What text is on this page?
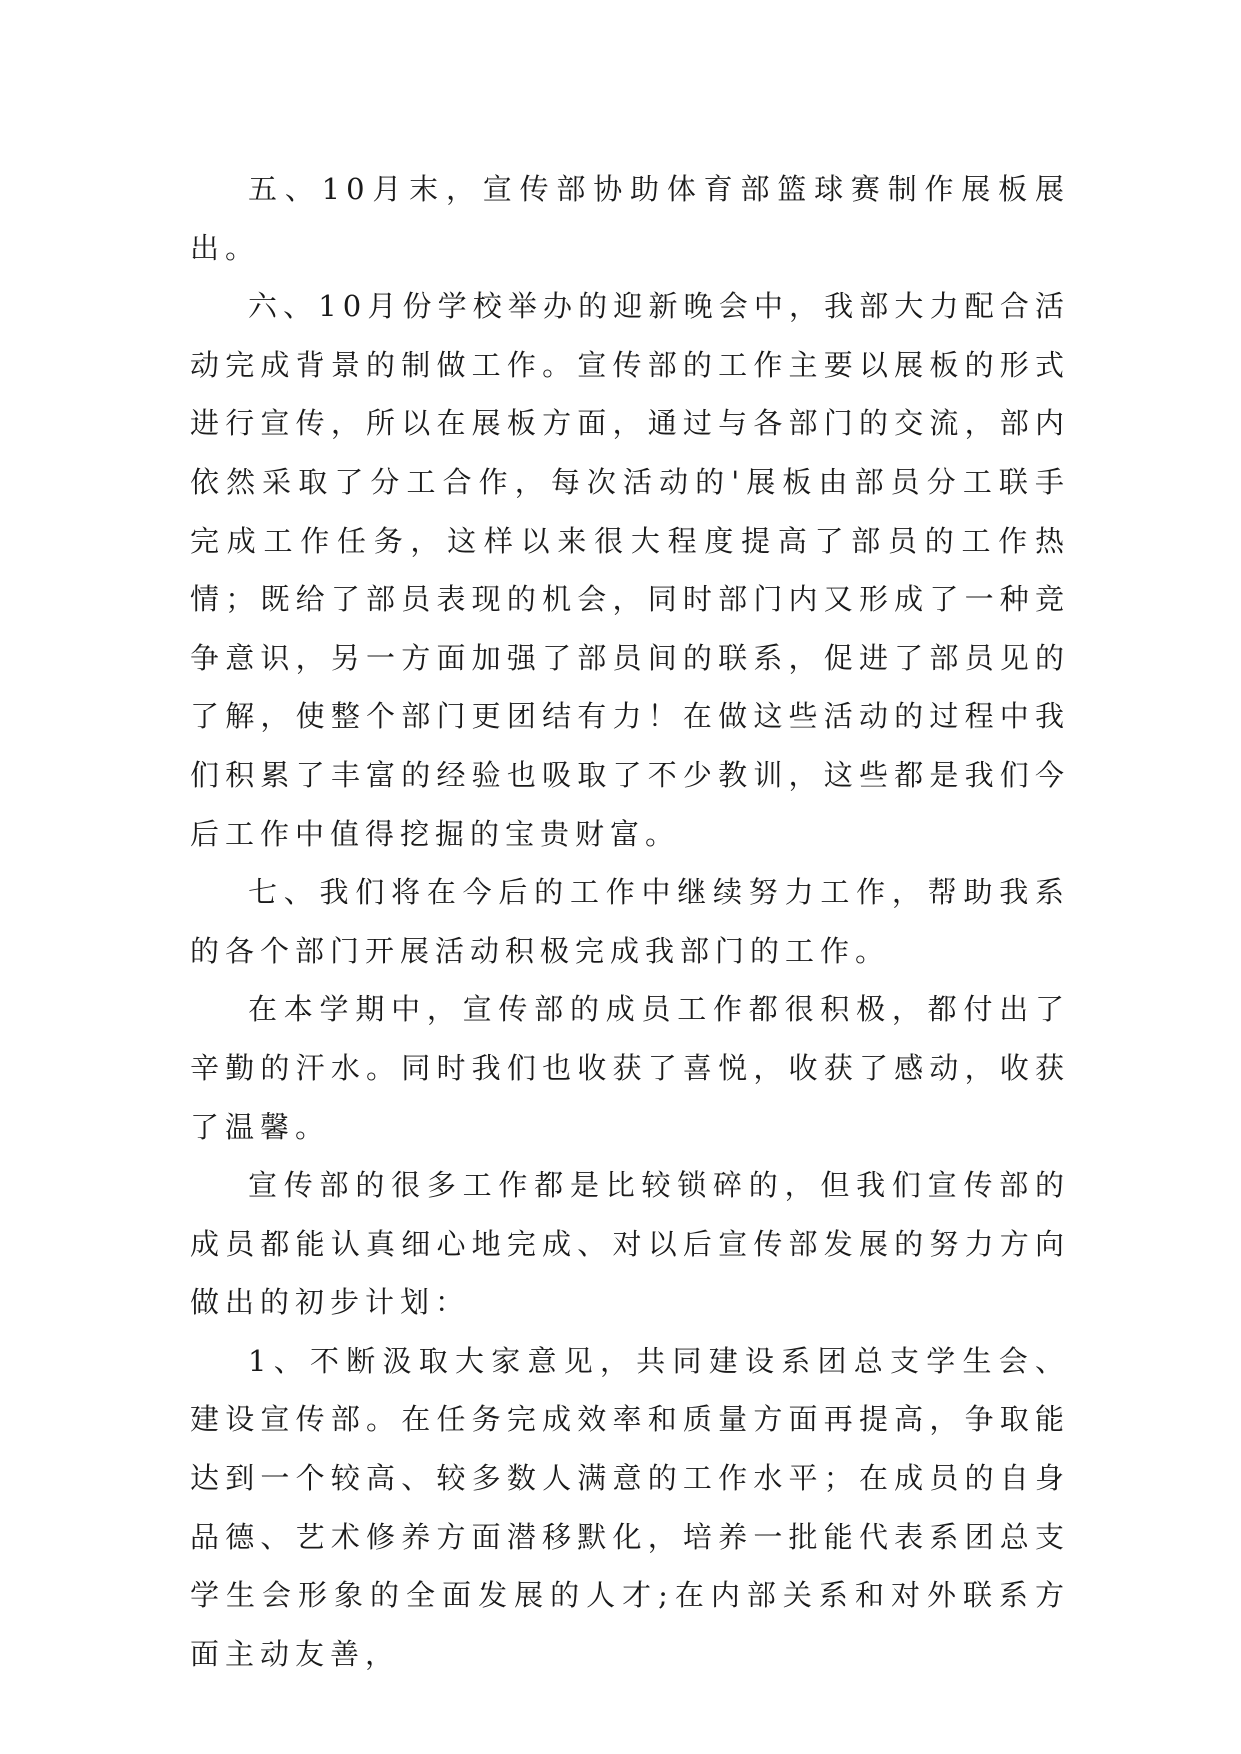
五、10月末，宣传部协助体育部篮球赛制作展板展出。

六、10月份学校举办的迎新晚会中，我部大力配合活动完成背景的制做工作。宣传部的工作主要以展板的形式进行宣传，所以在展板方面，通过与各部门的交流，部内依然采取了分工合作，每次活动的'展板由部员分工联手完成工作任务，这样以来很大程度提高了部员的工作热情；既给了部员表现的机会，同时部门内又形成了一种竞争意识，另一方面加强了部员间的联系，促进了部员见的了解，使整个部门更团结有力！在做这些活动的过程中我们积累了丰富的经验也吸取了不少教训，这些都是我们今后工作中值得挖掘的宝贵财富。

七、我们将在今后的工作中继续努力工作，帮助我系的各个部门开展活动积极完成我部门的工作。

在本学期中，宣传部的成员工作都很积极，都付出了辛勤的汗水。同时我们也收获了喜悦，收获了感动，收获了温馨。

宣传部的很多工作都是比较锁碎的，但我们宣传部的成员都能认真细心地完成、对以后宣传部发展的努力方向做出的初步计划：

1、不断汲取大家意见，共同建设系团总支学生会、建设宣传部。在任务完成效率和质量方面再提高，争取能达到一个较高、较多数人满意的工作水平；在成员的自身品德、艺术修养方面潜移默化，培养一批能代表系团总支学生会形象的全面发展的人才;在内部关系和对外联系方面主动友善，
